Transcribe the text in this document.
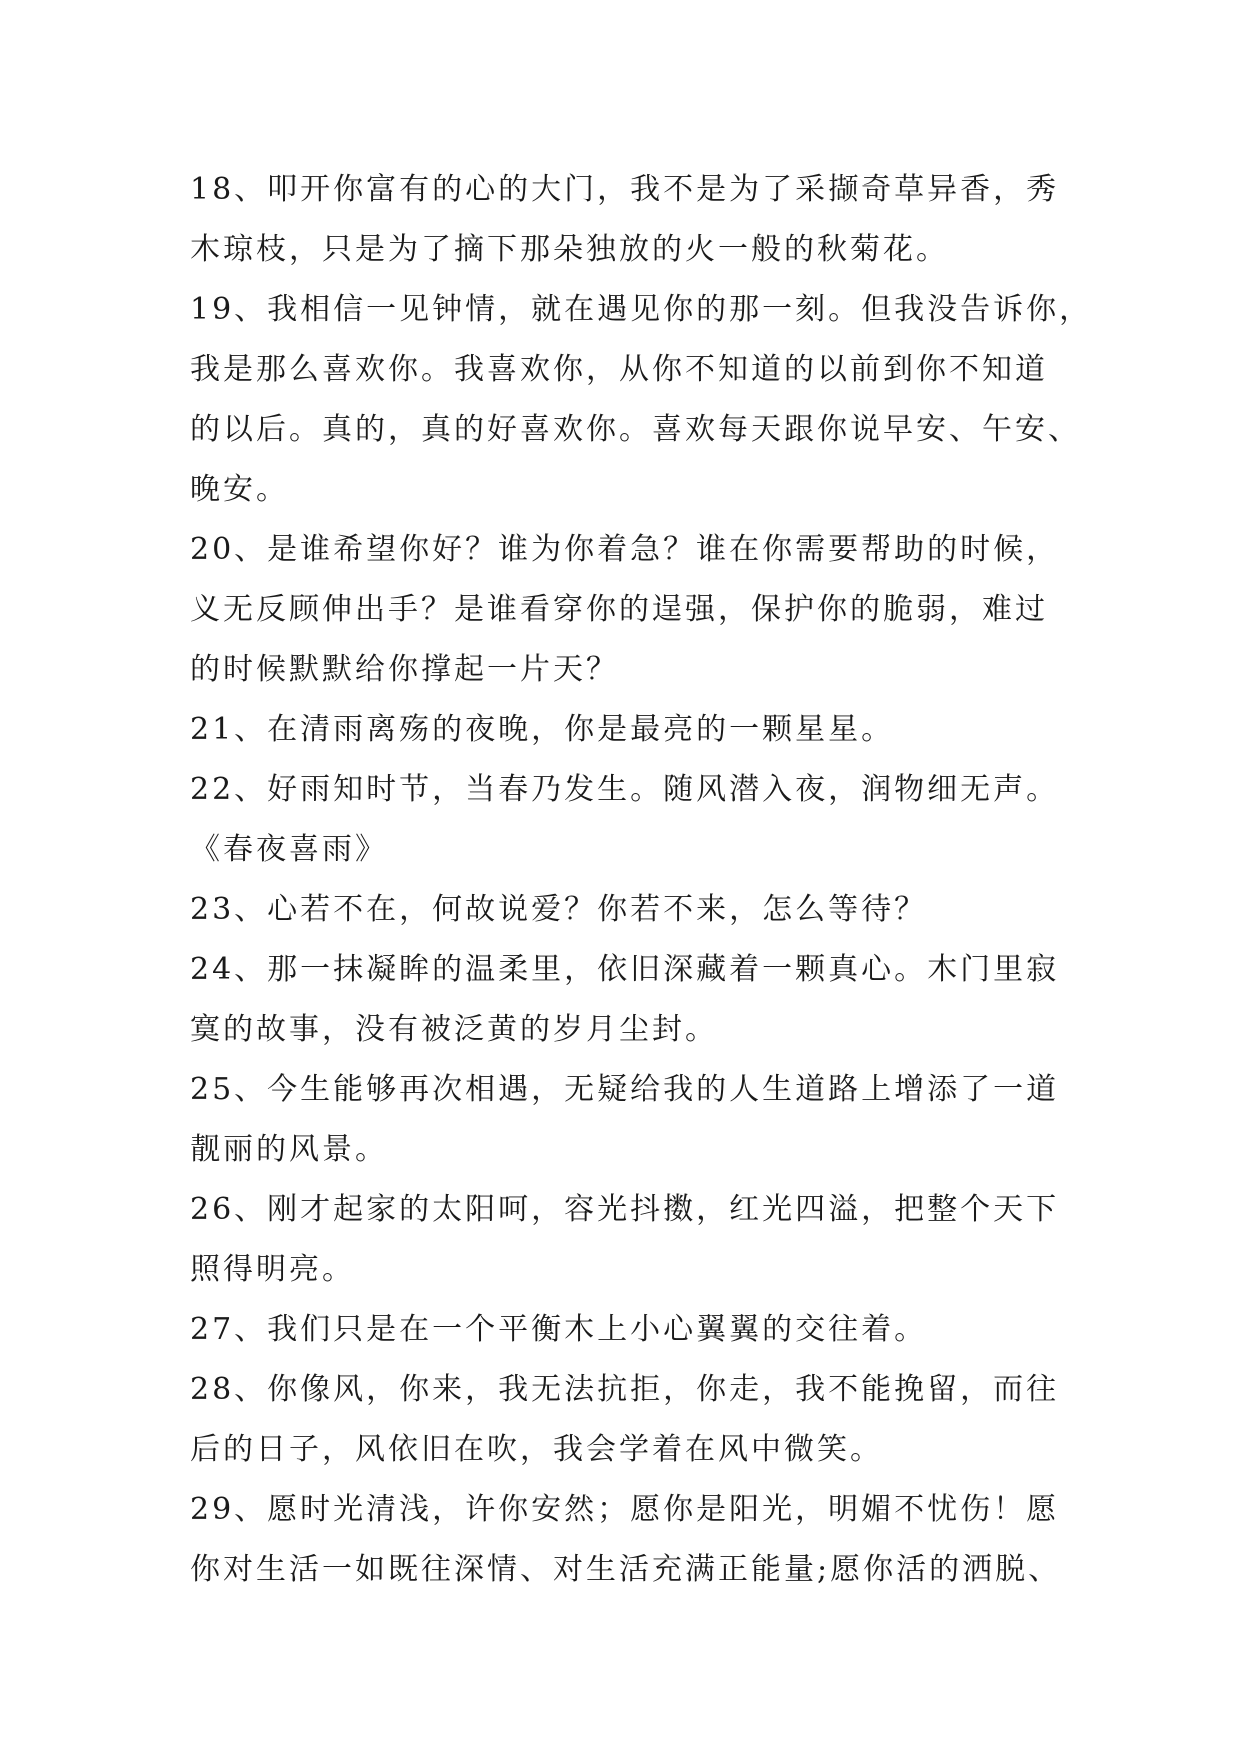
18、叩开你富有的心的大门，我不是为了采撷奇草异香，秀
木琼枝，只是为了摘下那朵独放的火一般的秋菊花。
19、我相信一见钟情，就在遇见你的那一刻。但我没告诉你，
我是那么喜欢你。我喜欢你，从你不知道的以前到你不知道
的以后。真的，真的好喜欢你。喜欢每天跟你说早安、午安、
晚安。
20、是谁希望你好？谁为你着急？谁在你需要帮助的时候，
义无反顾伸出手？是谁看穿你的逞强，保护你的脆弱，难过
的时候默默给你撑起一片天？
21、在清雨离殇的夜晚，你是最亮的一颗星星。
22、好雨知时节，当春乃发生。随风潜入夜，润物细无声。
《春夜喜雨》
23、心若不在，何故说爱？你若不来，怎么等待？
24、那一抹凝眸的温柔里，依旧深藏着一颗真心。木门里寂
寞的故事，没有被泛黄的岁月尘封。
25、今生能够再次相遇，无疑给我的人生道路上增添了一道
靓丽的风景。
26、刚才起家的太阳呵，容光抖擞，红光四溢，把整个天下
照得明亮。
27、我们只是在一个平衡木上小心翼翼的交往着。
28、你像风，你来，我无法抗拒，你走，我不能挽留，而往
后的日子，风依旧在吹，我会学着在风中微笑。
29、愿时光清浅，许你安然；愿你是阳光，明媚不忧伤！愿
你对生活一如既往深情、对生活充满正能量;愿你活的洒脱、
